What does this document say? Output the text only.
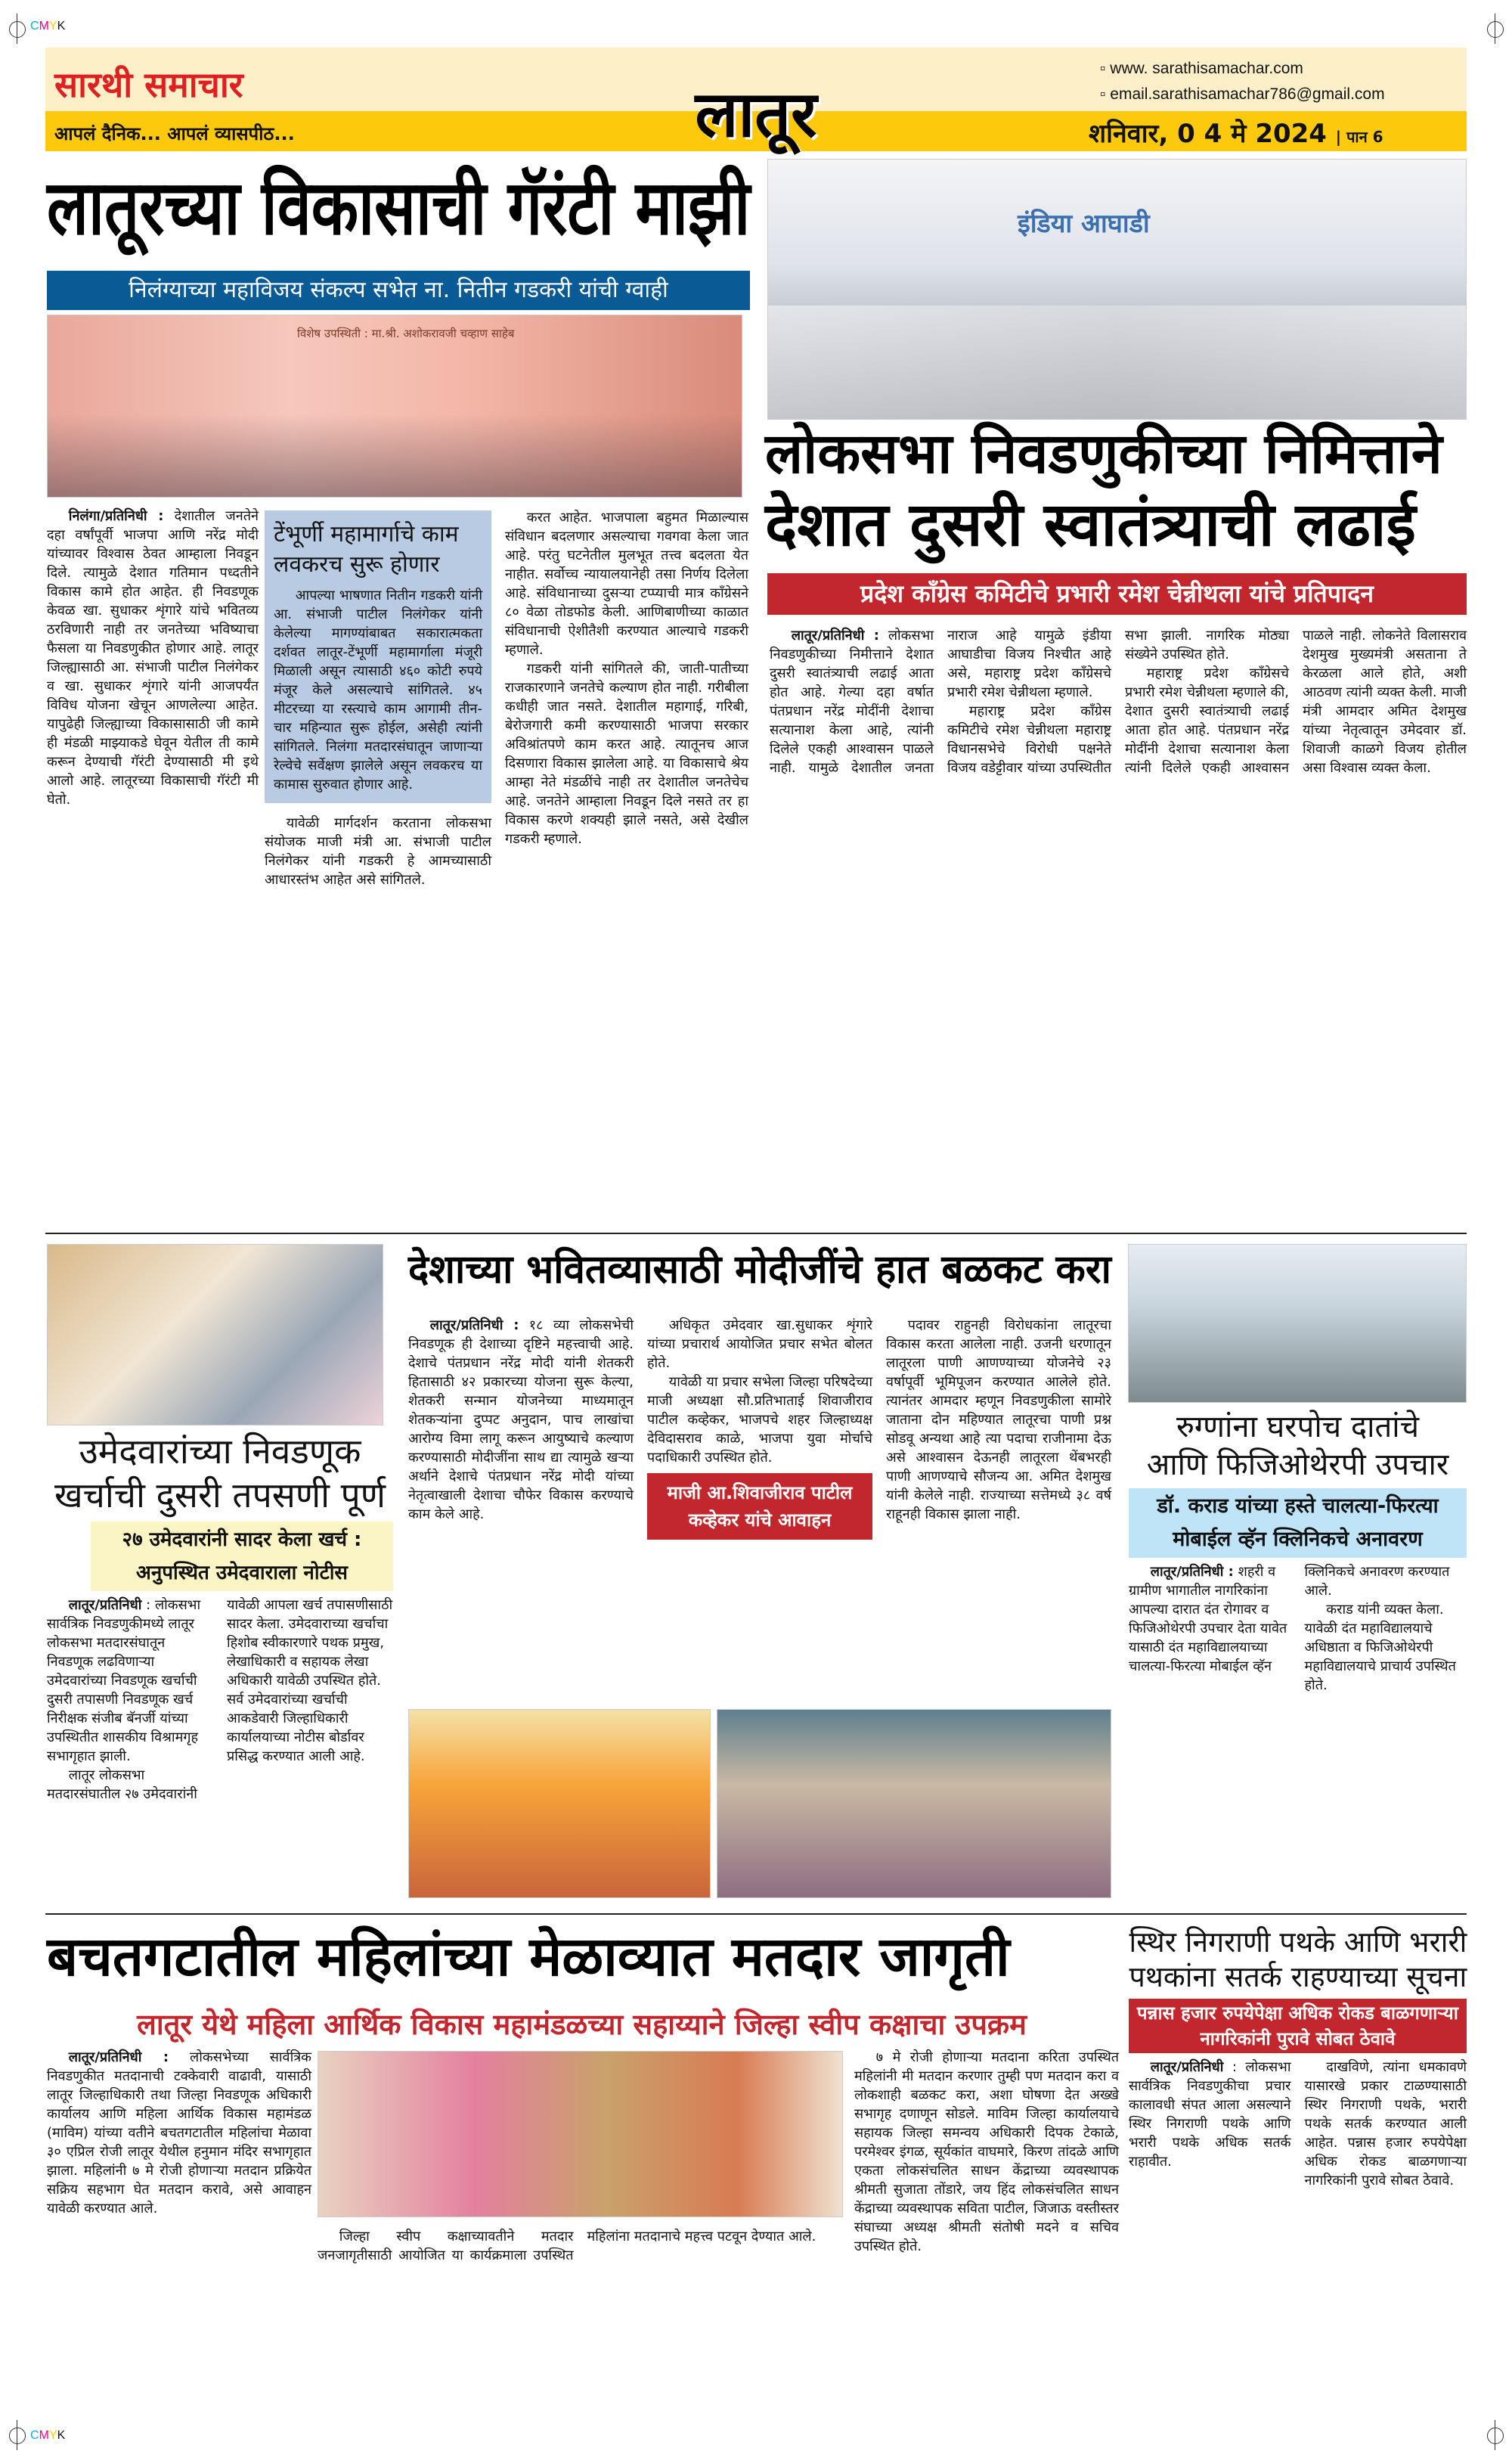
CMYK
CMYK
सारथी समाचार	लातूर
▫ www. sarathisamachar.com
▫ email.sarathisamachar786@gmail.com
आपलं दैनिक... आपलं व्यासपीठ...	शनिवार, 0 4 मे 2024 | पान 6
लातूरच्या विकासाची गॅरंटी माझी
निलंग्याच्या महाविजय संकल्प सभेत ना. नितीन गडकरी यांची ग्वाही
विशेष उपस्थिती : मा.श्री. अशोकरावजी चव्हाण साहेब

निलंगा/प्रतिनिधी : देशातील जनतेने दहा वर्षांपूर्वी भाजपा आणि नरेंद्र मोदी यांच्यावर विश्वास ठेवत आम्हाला निवडून दिले. त्यामुळे देशात गतिमान पध्दतीने विकास कामे होत आहेत. ही निवडणूक केवळ खा. सुधाकर शृंगारे यांचे भवितव्य ठरविणारी नाही तर जनतेच्या भविष्याचा फैसला या निवडणुकीत होणार आहे. लातूर जिल्ह्यासाठी आ. संभाजी पाटील निलंगेकर व खा. सुधाकर शृंगारे यांनी आजपर्यंत विविध योजना खेचून आणलेल्या आहेत. यापुढेही जिल्ह्याच्या विकासासाठी जी कामे ही मंडळी माझ्याकडे घेवून येतील ती कामे करून देण्याची गॅरंटी देण्यासाठी मी इथे आलो आहे. लातूरच्या विकासाची गॅरंटी मी घेतो.

टेंभूर्णी महामार्गाचे काम लवकरच सुरू होणार
आपल्या भाषणात नितीन गडकरी यांनी आ. संभाजी पाटील निलंगेकर यांनी केलेल्या मागण्यांबाबत सकारात्मकता दर्शवत लातूर-टेंभूर्णी महामार्गाला मंजूरी मिळाली असून त्यासाठी ४६० कोटी रुपये मंजूर केले असल्याचे सांगितले. ४५ मीटरच्या या रस्त्याचे काम आगामी तीन-चार महिन्यात सुरू होईल, असेही त्यांनी सांगितले. निलंगा मतदारसंघातून जाणार्‍या रेल्वेचे सर्वेक्षण झालेले असून लवकरच या कामास सुरुवात होणार आहे.

यावेळी मार्गदर्शन करताना लोकसभा संयोजक माजी मंत्री आ. संभाजी पाटील निलंगेकर यांनी गडकरी हे आमच्यासाठी आधारस्तंभ आहेत असे सांगितले.

करत आहेत. भाजपाला बहुमत मिळाल्यास संविधान बदलणार असल्याचा गवगवा केला जात आहे. परंतु घटनेतील मुलभूत तत्त्व बदलता येत नाहीत. सर्वोच्च न्यायालयानेही तसा निर्णय दिलेला आहे. संविधानाच्या दुसर्‍या टप्प्याची मात्र काँग्रेसने ८० वेळा तोडफोड केली. आणिबाणीच्या काळात संविधानाची ऐशीतैशी करण्यात आल्याचे गडकरी म्हणाले.

गडकरी यांनी सांगितले की, जाती-पातीच्या राजकारणाने जनतेचे कल्याण होत नाही. गरीबीला कधीही जात नसते. देशातील महागाई, गरिबी, बेरोजगारी कमी करण्यासाठी भाजपा सरकार अविश्रांतपणे काम करत आहे. त्यातूनच आज दिसणारा विकास झालेला आहे. या विकासाचे श्रेय आम्हा नेते मंडळींचे नाही तर देशातील जनतेचेच आहे. जनतेने आम्हाला निवडून दिले नसते तर हा विकास करणे शक्यही झाले नसते, असे देखील गडकरी म्हणाले.

इंडिया आघाडी
लोकसभा निवडणुकीच्या निमित्ताने
देशात दुसरी स्वातंत्र्याची लढाई
प्रदेश काँग्रेस कमिटीचे प्रभारी रमेश चेन्नीथला यांचे प्रतिपादन

लातूर/प्रतिनिधी : लोकसभा निवडणुकीच्या निमीत्ताने देशात दुसरी स्वातंत्र्याची लढाई आता होत आहे. गेल्या दहा वर्षात पंतप्रधान नरेंद्र मोदींनी देशाचा सत्यानाश केला आहे, त्यांनी दिलेले एकही आश्वासन पाळले नाही. यामुळे देशातील जनता नाराज आहे यामुळे इंडीया आघाडीचा विजय निश्चीत आहे असे, महाराष्ट्र प्रदेश काँग्रेसचे प्रभारी रमेश चेन्नीथला म्हणाले.

महाराष्ट्र प्रदेश काँग्रेस कमिटीचे रमेश चेन्नीथला महाराष्ट्र विधानसभेचे विरोधी पक्षनेते विजय वडेट्टीवार यांच्या उपस्थितीत सभा झाली. नागरिक मोठ्या संख्येने उपस्थित होते.

महाराष्ट्र प्रदेश काँग्रेसचे प्रभारी रमेश चेन्नीथला म्हणाले की, देशात दुसरी स्वातंत्र्याची लढाई आता होत आहे. पंतप्रधान नरेंद्र मोदींनी देशाचा सत्यानाश केला त्यांनी दिलेले एकही आश्वासन पाळले नाही. लोकनेते विलासराव देशमुख मुख्यमंत्री असताना ते केरळला आले होते, अशी आठवण त्यांनी व्यक्त केली. माजी मंत्री आमदार अमित देशमुख यांच्या नेतृत्वातून उमेदवार डॉ. शिवाजी काळगे विजय होतील असा विश्वास व्यक्त केला.

उमेदवारांच्या निवडणूक
खर्चाची दुसरी तपसणी पूर्ण
२७ उमेदवारांनी सादर केला खर्च : अनुपस्थित उमेदवाराला नोटीस

लातूर/प्रतिनिधी : लोकसभा सार्वत्रिक निवडणुकीमध्ये लातूर लोकसभा मतदारसंघातून निवडणूक लढविणाऱ्या उमेदवारांच्या निवडणूक खर्चाची दुसरी तपासणी निवडणूक खर्च निरीक्षक संजीब बॅनर्जी यांच्या उपस्थितीत शासकीय विश्रामगृह सभागृहात झाली.

लातूर लोकसभा मतदारसंघातील २७ उमेदवारांनी यावेळी आपला खर्च तपासणीसाठी सादर केला. उमेदवाराच्या खर्चाचा हिशोब स्वीकारणारे पथक प्रमुख, लेखाधिकारी व सहायक लेखा अधिकारी यावेळी उपस्थित होते. सर्व उमेदवारांच्या खर्चाची आकडेवारी जिल्हाधिकारी कार्यालयाच्या नोटीस बोर्डावर प्रसिद्ध करण्यात आली आहे.

देशाच्या भवितव्यासाठी मोदीजींचे हात बळकट करा

लातूर/प्रतिनिधी : १८ व्या लोकसभेची निवडणूक ही देशाच्या दृष्टिने महत्त्वाची आहे. देशाचे पंतप्रधान नरेंद्र मोदी यांनी शेतकरी हितासाठी ४२ प्रकारच्या योजना सुरू केल्या, शेतकरी सन्मान योजनेच्या माध्यमातून शेतकर्‍यांना दुप्पट अनुदान, पाच लाखांचा आरोग्य विमा लागू करून आयुष्याचे कल्याण करण्यासाठी मोदीजींना साथ द्या त्यामुळे खर्‍या अर्थाने देशाचे पंतप्रधान नरेंद्र मोदी यांच्या नेतृत्वाखाली देशाचा चौफेर विकास करण्याचे काम केले आहे.

अधिकृत उमेदवार खा.सुधाकर शृंगारे यांच्या प्रचारार्थ आयोजित प्रचार सभेत बोलत होते.

यावेळी या प्रचार सभेला जिल्हा परिषदेच्या माजी अध्यक्षा सौ.प्रतिभाताई शिवाजीराव पाटील कव्हेकर, भाजपचे शहर जिल्हाध्यक्ष देविदासराव काळे, भाजपा युवा मोर्चाचे पदाधिकारी उपस्थित होते.

माजी आ.शिवाजीराव पाटील कव्हेकर यांचे आवाहन

पदावर राहुनही विरोधकांना लातूरचा विकास करता आलेला नाही. उजनी धरणातून लातूरला पाणी आणण्याच्या योजनेचे २३ वर्षापूर्वी भूमिपूजन करण्यात आलेले होते. त्यानंतर आमदार म्हणून निवडणुकीला सामोरे जाताना दोन महिण्यात लातूरचा पाणी प्रश्न सोडवू अन्यथा आहे त्या पदाचा राजीनामा देऊ असे आश्वासन देऊनही लातूरला थेंबभरही पाणी आणण्याचे सौजन्य आ. अमित देशमुख यांनी केलेले नाही. राज्याच्या सत्तेमध्ये ३८ वर्ष राहूनही विकास झाला नाही.

रुग्णांना घरपोच दातांचे
आणि फिजिओथेरपी उपचार
डॉ. कराड यांच्या हस्ते चालत्या-फिरत्या मोबाईल व्हॅन क्लिनिकचे अनावरण

लातूर/प्रतिनिधी : शहरी व ग्रामीण भागातील नागरिकांना आपल्या दारात दंत रोगावर व फिजिओथेरपी उपचार देता यावेत यासाठी दंत महाविद्यालयाच्या चालत्या-फिरत्या मोबाईल व्हॅन क्लिनिकचे अनावरण करण्यात आले.

कराड यांनी व्यक्त केला. यावेळी दंत महाविद्यालयाचे अधिष्ठाता व फिजिओथेरपी महाविद्यालयाचे प्राचार्य उपस्थित होते.

बचतगटातील महिलांच्या मेळाव्यात मतदार जागृती
लातूर येथे महिला आर्थिक विकास महामंडळच्या सहाय्याने जिल्हा स्वीप कक्षाचा उपक्रम

लातूर/प्रतिनिधी : लोकसभेच्या सार्वत्रिक निवडणुकीत मतदानाची टक्केवारी वाढावी, यासाठी लातूर जिल्हाधिकारी तथा जिल्हा निवडणूक अधिकारी कार्यालय आणि महिला आर्थिक विकास महामंडळ (माविम) यांच्या वतीने बचतगटातील महिलांचा मेळावा ३० एप्रिल रोजी लातूर येथील हनुमान मंदिर सभागृहात झाला. महिलांनी ७ मे रोजी होणाऱ्या मतदान प्रक्रियेत सक्रिय सहभाग घेत मतदान करावे, असे आवाहन यावेळी करण्यात आले.

जिल्हा स्वीप कक्षाच्यावतीने मतदार जनजागृतीसाठी आयोजित या कार्यक्रमाला उपस्थित महिलांना मतदानाचे महत्त्व पटवून देण्यात आले.

७ मे रोजी होणाऱ्या मतदाना करिता उपस्थित महिलांनी मी मतदान करणार तुम्ही पण मतदान करा व लोकशाही बळकट करा, अशा घोषणा देत अख्खे सभागृह दणाणून सोडले. माविम जिल्हा कार्यालयाचे सहायक जिल्हा समन्वय अधिकारी दिपक टेकाळे, परमेश्वर इंगळ, सूर्यकांत वाघमारे, किरण तांदळे आणि एकता लोकसंचलित साधन केंद्राच्या व्यवस्थापक श्रीमती सुजाता तोंडारे, जय हिंद लोकसंचलित साधन केंद्राच्या व्यवस्थापक सविता पाटील, जिजाऊ वस्तीस्तर संघाच्या अध्यक्ष श्रीमती संतोषी मदने व सचिव उपस्थित होते.

स्थिर निगराणी पथके आणि भरारी
पथकांना सतर्क राहण्याच्या सूचना
पन्नास हजार रुपयेपेक्षा अधिक रोकड बाळगणाऱ्या नागरिकांनी पुरावे सोबत ठेवावे

लातूर/प्रतिनिधी : लोकसभा सार्वत्रिक निवडणुकीचा प्रचार कालावधी संपत आला असल्याने स्थिर निगराणी पथके आणि भरारी पथके अधिक सतर्क राहावीत.

दाखविणे, त्यांना धमकावणे यासारखे प्रकार टाळण्यासाठी स्थिर निगराणी पथके, भरारी पथके सतर्क करण्यात आली आहेत. पन्नास हजार रुपयेपेक्षा अधिक रोकड बाळगणाऱ्या नागरिकांनी पुरावे सोबत ठेवावे.
